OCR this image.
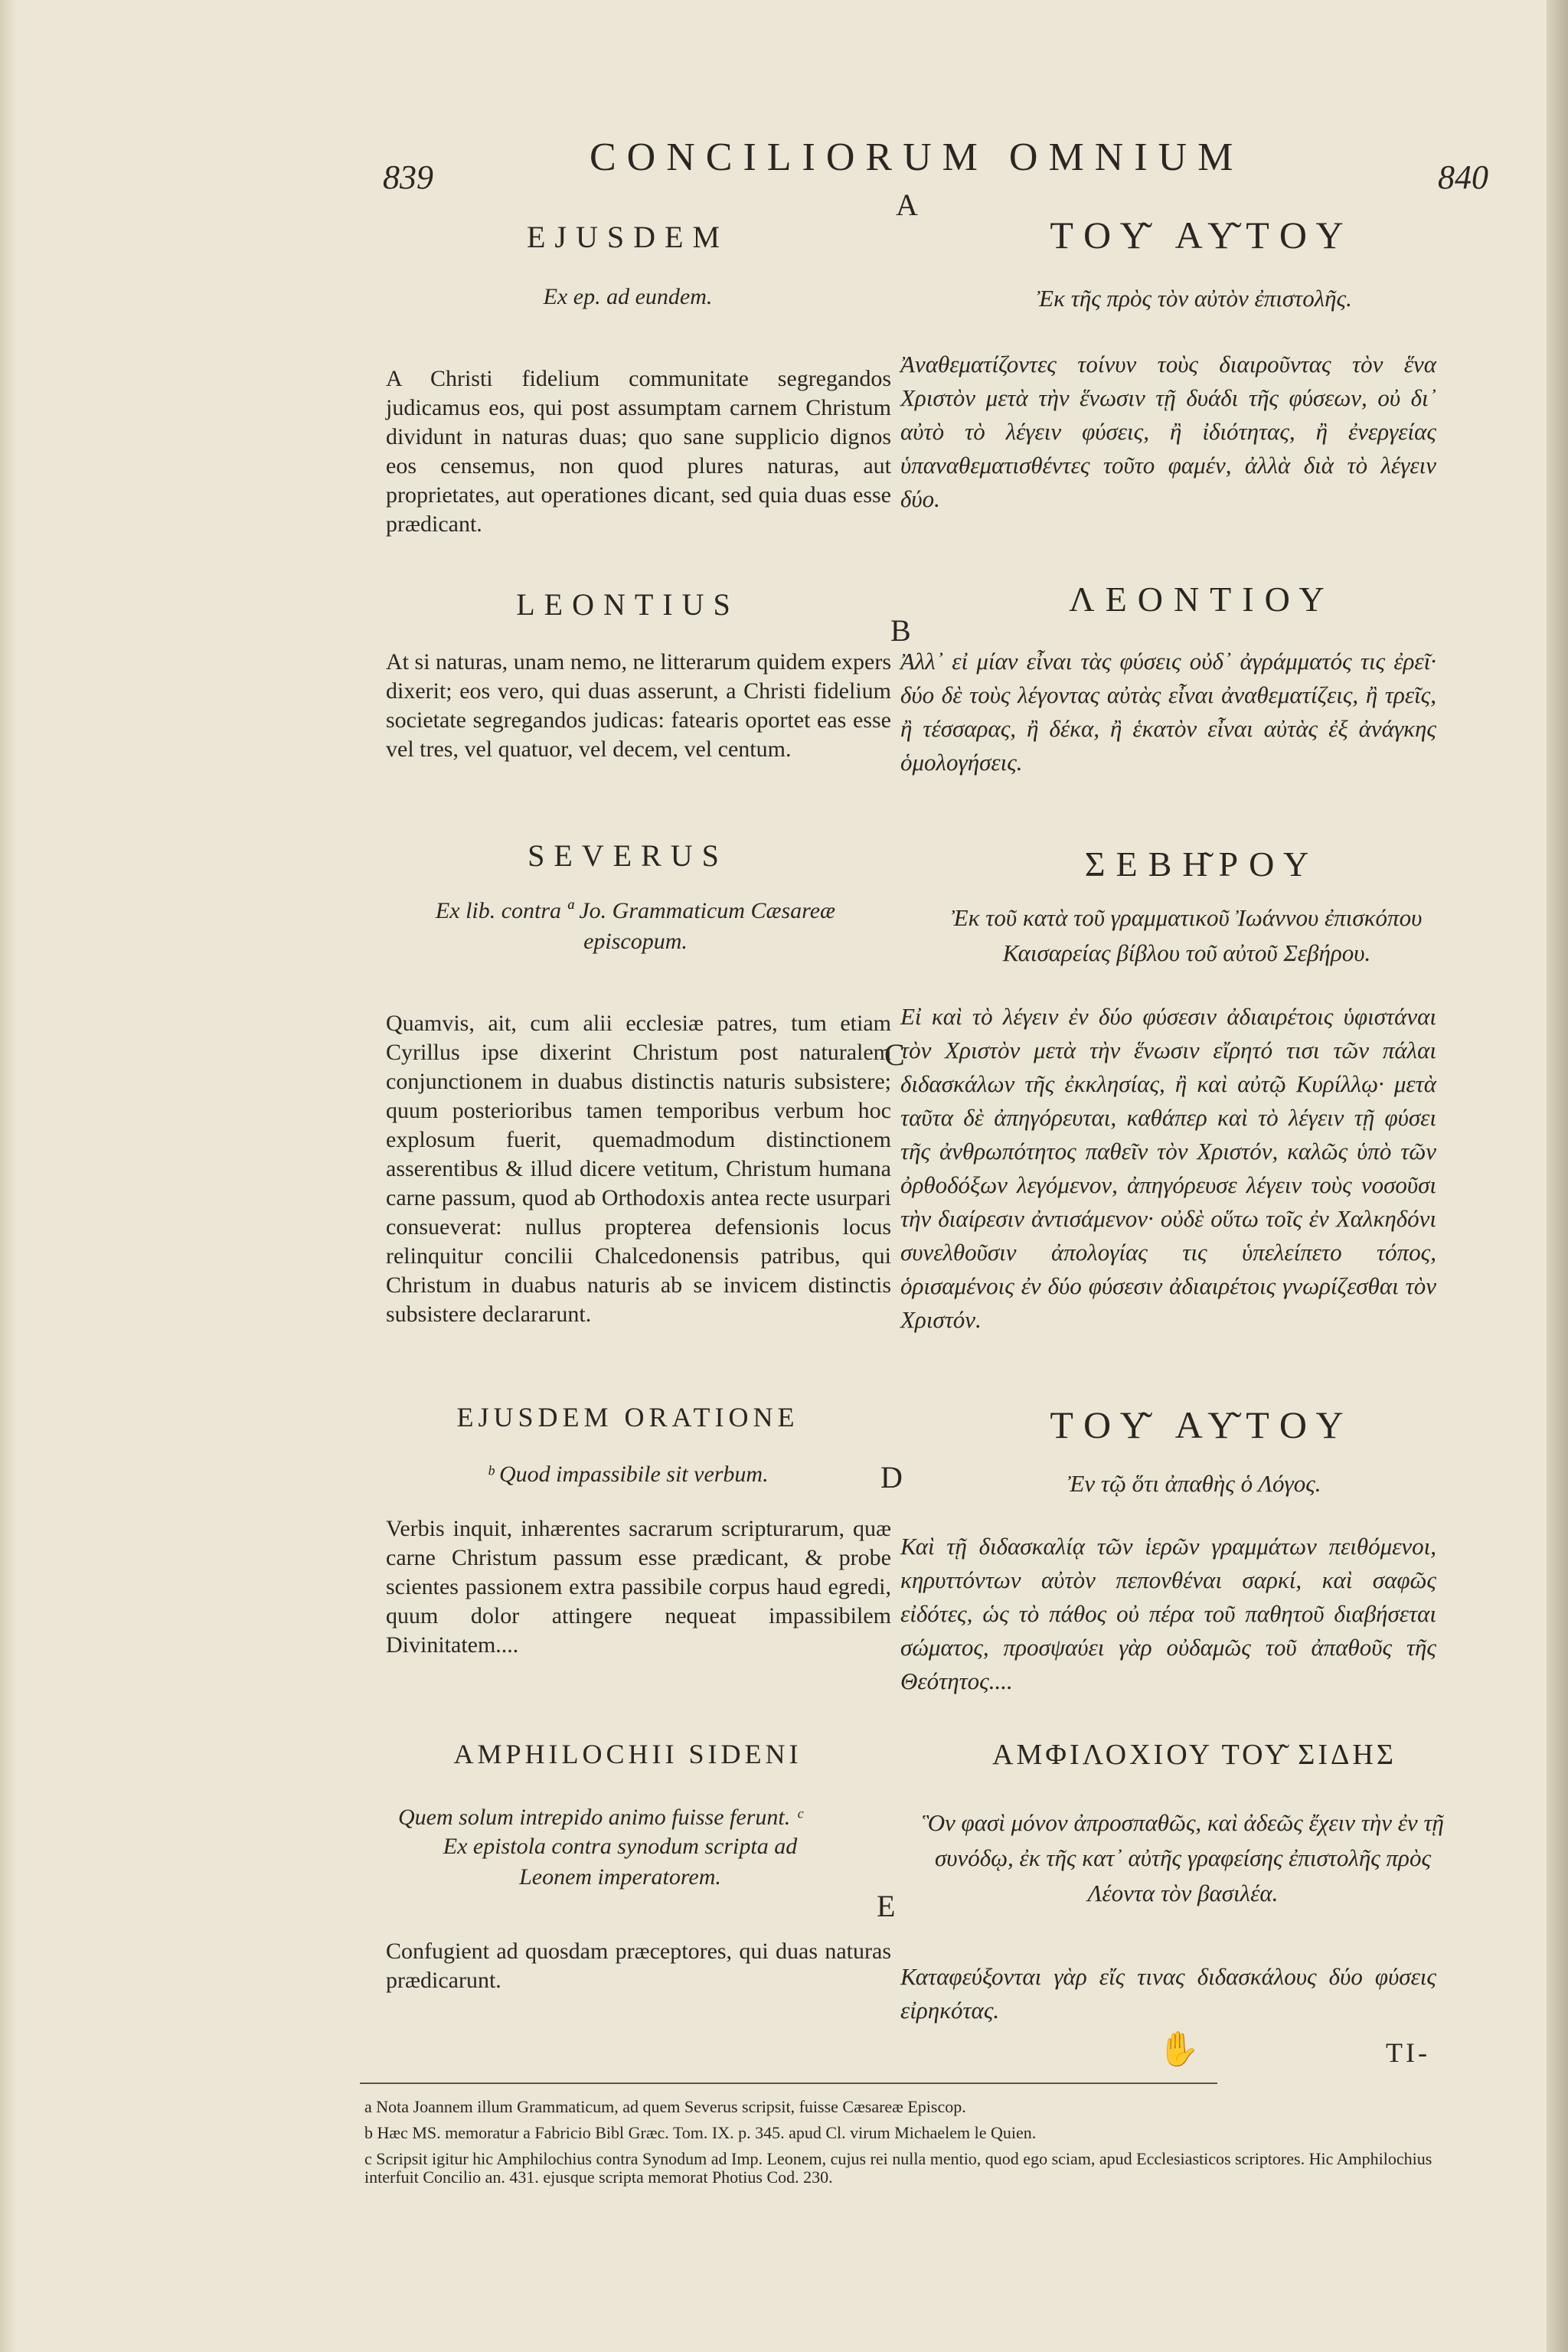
839	CONCILIORUM OMNIUM	840
A
B
C
D
E
EJUSDEM	ΤΟΥ͂ ΑΥ͂ΤΟΥ
Ex ep. ad eundem.	Ἐκ τῆς πρὸς τὸν αὐτὸν ἐπιστολῆς.
A Christi fidelium communitate segregandos judicamus eos, qui post assumptam carnem Christum dividunt in naturas duas; quo sane supplicio dignos eos censemus, non quod plures naturas, aut proprietates, aut operationes dicant, sed quia duas esse prædicant.
Ἀναθεματίζοντες τοίνυν τοὺς διαιροῦντας τὸν ἕνα Χριστὸν μετὰ τὴν ἕνωσιν τῇ δυάδι τῆς φύσεων, οὐ δι᾽ αὐτὸ τὸ λέγειν φύσεις, ἢ ἰδιότητας, ἢ ἐνεργείας ὑπαναθεματισθέντες τοῦτο φαμέν, ἀλλὰ διὰ τὸ λέγειν δύο.
LEONTIUS	ΛΕΟΝΤΙΟΥ
At si naturas, unam nemo, ne litterarum quidem expers dixerit; eos vero, qui duas asserunt, a Christi fidelium societate segregandos judicas: fatearis oportet eas esse vel tres, vel quatuor, vel decem, vel centum.
Ἀλλ᾽ εἰ μίαν εἶναι τὰς φύσεις οὐδ᾽ ἀγράμματός τις ἐρεῖ· δύο δὲ τοὺς λέγοντας αὐτὰς εἶναι ἀναθεματίζεις, ἢ τρεῖς, ἢ τέσσαρας, ἢ δέκα, ἢ ἑκατὸν εἶναι αὐτὰς ἐξ ἀνάγκης ὁμολογήσεις.
SEVERUS	ΣΕΒΗ͂ΡΟΥ
Ex lib. contra ª Jo. Grammaticum Cæsareæ episcopum.
Ἐκ τοῦ κατὰ τοῦ γραμματικοῦ Ἰωάννου ἐπισκόπου Καισαρείας βίβλου τοῦ αὐτοῦ Σεβήρου.
Quamvis, ait, cum alii ecclesiæ patres, tum etiam Cyrillus ipse dixerint Christum post naturalem conjunctionem in duabus distinctis naturis subsistere; quum posterioribus tamen temporibus verbum hoc explosum fuerit, quemadmodum distinctionem asserentibus & illud dicere vetitum, Christum humana carne passum, quod ab Orthodoxis antea recte usurpari consueverat: nullus propterea defensionis locus relinquitur concilii Chalcedonensis patribus, qui Christum in duabus naturis ab se invicem distinctis subsistere declararunt.
Εἰ καὶ τὸ λέγειν ἐν δύο φύσεσιν ἀδιαιρέτοις ὑφιστάναι τὸν Χριστὸν μετὰ τὴν ἕνωσιν εἴρητό τισι τῶν πάλαι διδασκάλων τῆς ἐκκλησίας, ἢ καὶ αὐτῷ Κυρίλλῳ· μετὰ ταῦτα δὲ ἀπηγόρευται, καθάπερ καὶ τὸ λέγειν τῇ φύσει τῆς ἀνθρωπότητος παθεῖν τὸν Χριστόν, καλῶς ὑπὸ τῶν ὀρθοδόξων λεγόμενον, ἀπηγόρευσε λέγειν τοὺς νοσοῦσι τὴν διαίρεσιν ἀντισάμενον· οὐδὲ οὕτω τοῖς ἐν Χαλκηδόνι συνελθοῦσιν ἀπολογίας τις ὑπελείπετο τόπος, ὁρισαμένοις ἐν δύο φύσεσιν ἀδιαιρέτοις γνωρίζεσθαι τὸν Χριστόν.
EJUSDEM ORATIONE	ΤΟΥ͂ ΑΥ͂ΤΟΥ
ᵇ Quod impassibile sit verbum.	Ἐν τῷ ὅτι ἀπαθὴς ὁ Λόγος.
Verbis inquit, inhærentes sacrarum scripturarum, quæ carne Christum passum esse prædicant, & probe scientes passionem extra passibile corpus haud egredi, quum dolor attingere nequeat impassibilem Divinitatem....
Καὶ τῇ διδασκαλίᾳ τῶν ἱερῶν γραμμάτων πειθόμενοι, κηρυττόντων αὐτὸν πεπονθέναι σαρκί, καὶ σαφῶς εἰδότες, ὡς τὸ πάθος οὐ πέρα τοῦ παθητοῦ διαβήσεται σώματος, προσψαύει γὰρ οὐδαμῶς τοῦ ἀπαθοῦς τῆς Θεότητος....
AMPHILOCHII SIDENI	ΑΜΦΙΛΟΧΙΟΥ ΤΟΥ͂ ΣΙΔΗΣ
Quem solum intrepido animo fuisse ferunt. ᶜ
Ex epistola contra synodum scripta ad Leonem imperatorem.
Ὃν φασὶ μόνον ἀπροσπαθῶς, καὶ ἀδεῶς ἔχειν τὴν ἐν τῇ συνόδῳ, ἐκ τῆς κατ᾽ αὐτῆς γραφείσης ἐπιστολῆς πρὸς Λέοντα τὸν βασιλέα.
Confugient ad quosdam præceptores, qui duas naturas prædicarunt.	Καταφεύξονται γὰρ εἴς τινας διδασκάλους δύο φύσεις εἰρηκότας.
✋	TI-
a Nota Joannem illum Grammaticum, ad quem Severus scripsit, fuisse Cæsareæ Episcop.
b Hæc MS. memoratur a Fabricio Bibl Græc. Tom. IX. p. 345. apud Cl. virum Michaelem le Quien.
c Scripsit igitur hic Amphilochius contra Synodum ad Imp. Leonem, cujus rei nulla mentio, quod ego sciam, apud Ecclesiasticos scriptores. Hic Amphilochius interfuit Concilio an. 431. ejusque scripta memorat Photius Cod. 230.
